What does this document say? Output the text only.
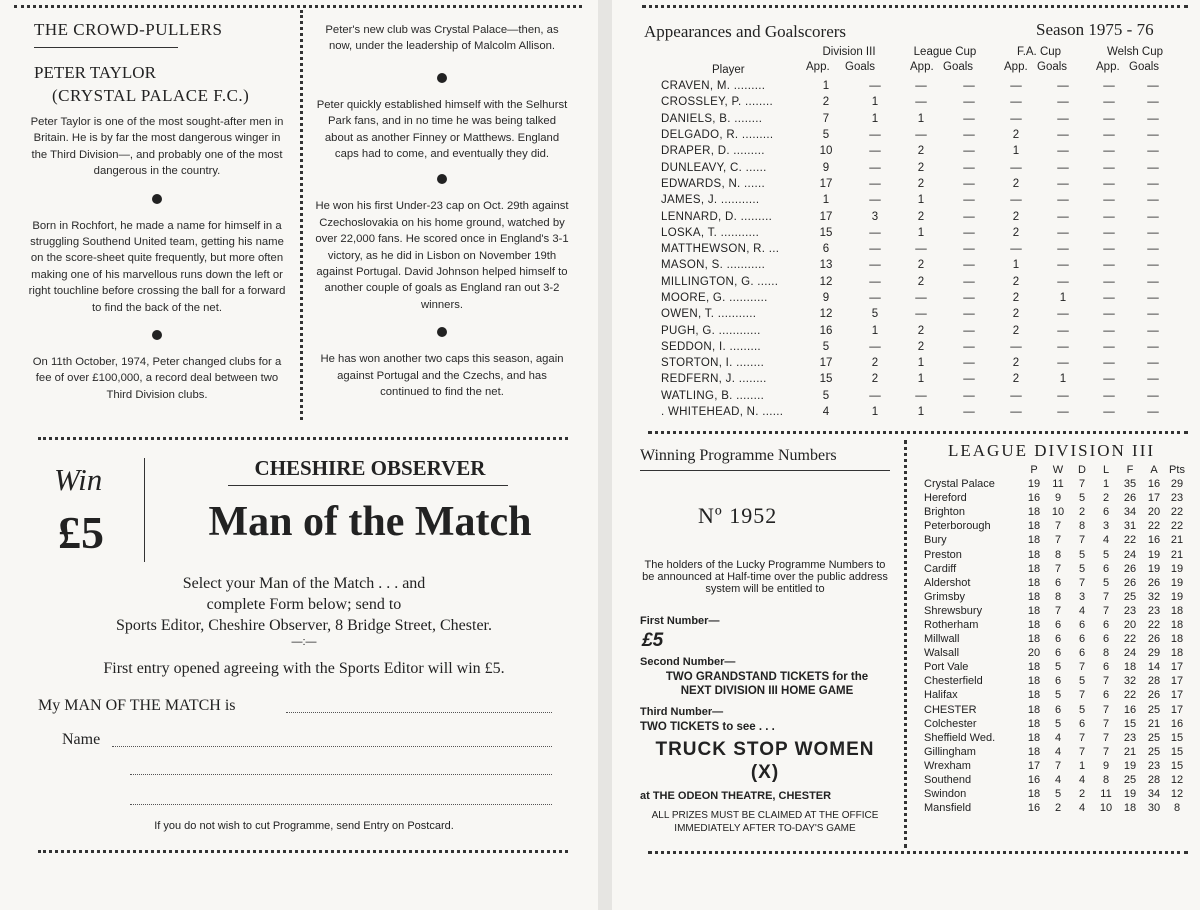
THE CROWD-PULLERS
PETER TAYLOR
(CRYSTAL PALACE F.C.)

Peter Taylor is one of the most sought-after men in Britain. He is by far the most dangerous winger in the Third Division—, and probably one of the most dangerous in the country.

Born in Rochfort, he made a name for himself in a struggling Southend United team, getting his name on the score-sheet quite frequently, but more often making one of his marvellous runs down the left or right touchline before crossing the ball for a forward to find the back of the net.

On 11th October, 1974, Peter changed clubs for a fee of over £100,000, a record deal between two Third Division clubs.

Peter's new club was Crystal Palace—then, as now, under the leadership of Malcolm Allison.

Peter quickly established himself with the Selhurst Park fans, and in no time he was being talked about as another Finney or Matthews. England caps had to come, and eventually they did.

He won his first Under-23 cap on Oct. 29th against Czechoslovakia on his home ground, watched by over 22,000 fans. He scored once in England's 3-1 victory, as he did in Lisbon on November 19th against Portugal. David Johnson helped himself to another couple of goals as England ran out 3-2 winners.

He has won another two caps this season, again against Portugal and the Czechs, and has continued to find the net.

Win
£5
CHESHIRE OBSERVER
Man of the Match
Select your Man of the Match . . . and
complete Form below; send to
Sports Editor, Cheshire Observer, 8 Bridge Street, Chester.
—:—
First entry opened agreeing with the Sports Editor will win £5.
My MAN OF THE MATCH is
Name
If you do not wish to cut Programme, send Entry on Postcard.
Appearances and Goalscorers	Season 1975 - 76
Division III	League Cup	F.A. Cup	Welsh Cup
Player	App. Goals	App. Goals	App. Goals	App. Goals
CRAVEN, M. .........	1	—	—	—	—	—	—	—
CROSSLEY, P. ........	2	1	—	—	—	—	—	—
DANIELS, B. ........	7	1	1	—	—	—	—	—
DELGADO, R. .........	5	—	—	—	2	—	—	—
DRAPER, D. .........	10	—	2	—	1	—	—	—
DUNLEAVY, C. ......	9	—	2	—	—	—	—	—
EDWARDS, N. ......	17	—	2	—	2	—	—	—
JAMES, J. ...........	1	—	1	—	—	—	—	—
LENNARD, D. .........	17	3	2	—	2	—	—	—
LOSKA, T. ...........	15	—	1	—	2	—	—	—
MATTHEWSON, R. ...	6	—	—	—	—	—	—	—
MASON, S. ...........	13	—	2	—	1	—	—	—
MILLINGTON, G. ......	12	—	2	—	2	—	—	—
MOORE, G. ...........	9	—	—	—	2	1	—	—
OWEN, T. ...........	12	5	—	—	2	—	—	—
PUGH, G. ............	16	1	2	—	2	—	—	—
SEDDON, I. .........	5	—	2	—	—	—	—	—
STORTON, I. ........	17	2	1	—	2	—	—	—
REDFERN, J. ........	15	2	1	—	2	1	—	—
WATLING, B. ........	5	—	—	—	—	—	—	—
. WHITEHEAD, N. ......	4	1	1	—	—	—	—	—
Winning Programme Numbers
Nº 1952
The holders of the Lucky Programme Numbers to be announced at Half-time over the public address system will be entitled to
First Number—
£5
Second Number—
TWO GRANDSTAND TICKETS for the NEXT DIVISION III HOME GAME
Third Number—
TWO TICKETS to see . . .
TRUCK STOP WOMEN (X)
at THE ODEON THEATRE, CHESTER
ALL PRIZES MUST BE CLAIMED AT THE OFFICE IMMEDIATELY AFTER TO-DAY'S GAME
LEAGUE DIVISION III
	P	W	D	L	F	A	Pts
Crystal Palace	19	11	7	1	35	16	29
Hereford	16	9	5	2	26	17	23
Brighton	18	10	2	6	34	20	22
Peterborough	18	7	8	3	31	22	22
Bury	18	7	7	4	22	16	21
Preston	18	8	5	5	24	19	21
Cardiff	18	7	5	6	26	19	19
Aldershot	18	6	7	5	26	26	19
Grimsby	18	8	3	7	25	32	19
Shrewsbury	18	7	4	7	23	23	18
Rotherham	18	6	6	6	20	22	18
Millwall	18	6	6	6	22	26	18
Walsall	20	6	6	8	24	29	18
Port Vale	18	5	7	6	18	14	17
Chesterfield	18	6	5	7	32	28	17
Halifax	18	5	7	6	22	26	17
CHESTER	18	6	5	7	16	25	17
Colchester	18	5	6	7	15	21	16
Sheffield Wed.	18	4	7	7	23	25	15
Gillingham	18	4	7	7	21	25	15
Wrexham	17	7	1	9	19	23	15
Southend	16	4	4	8	25	28	12
Swindon	18	5	2	11	19	34	12
Mansfield	16	2	4	10	18	30	8
